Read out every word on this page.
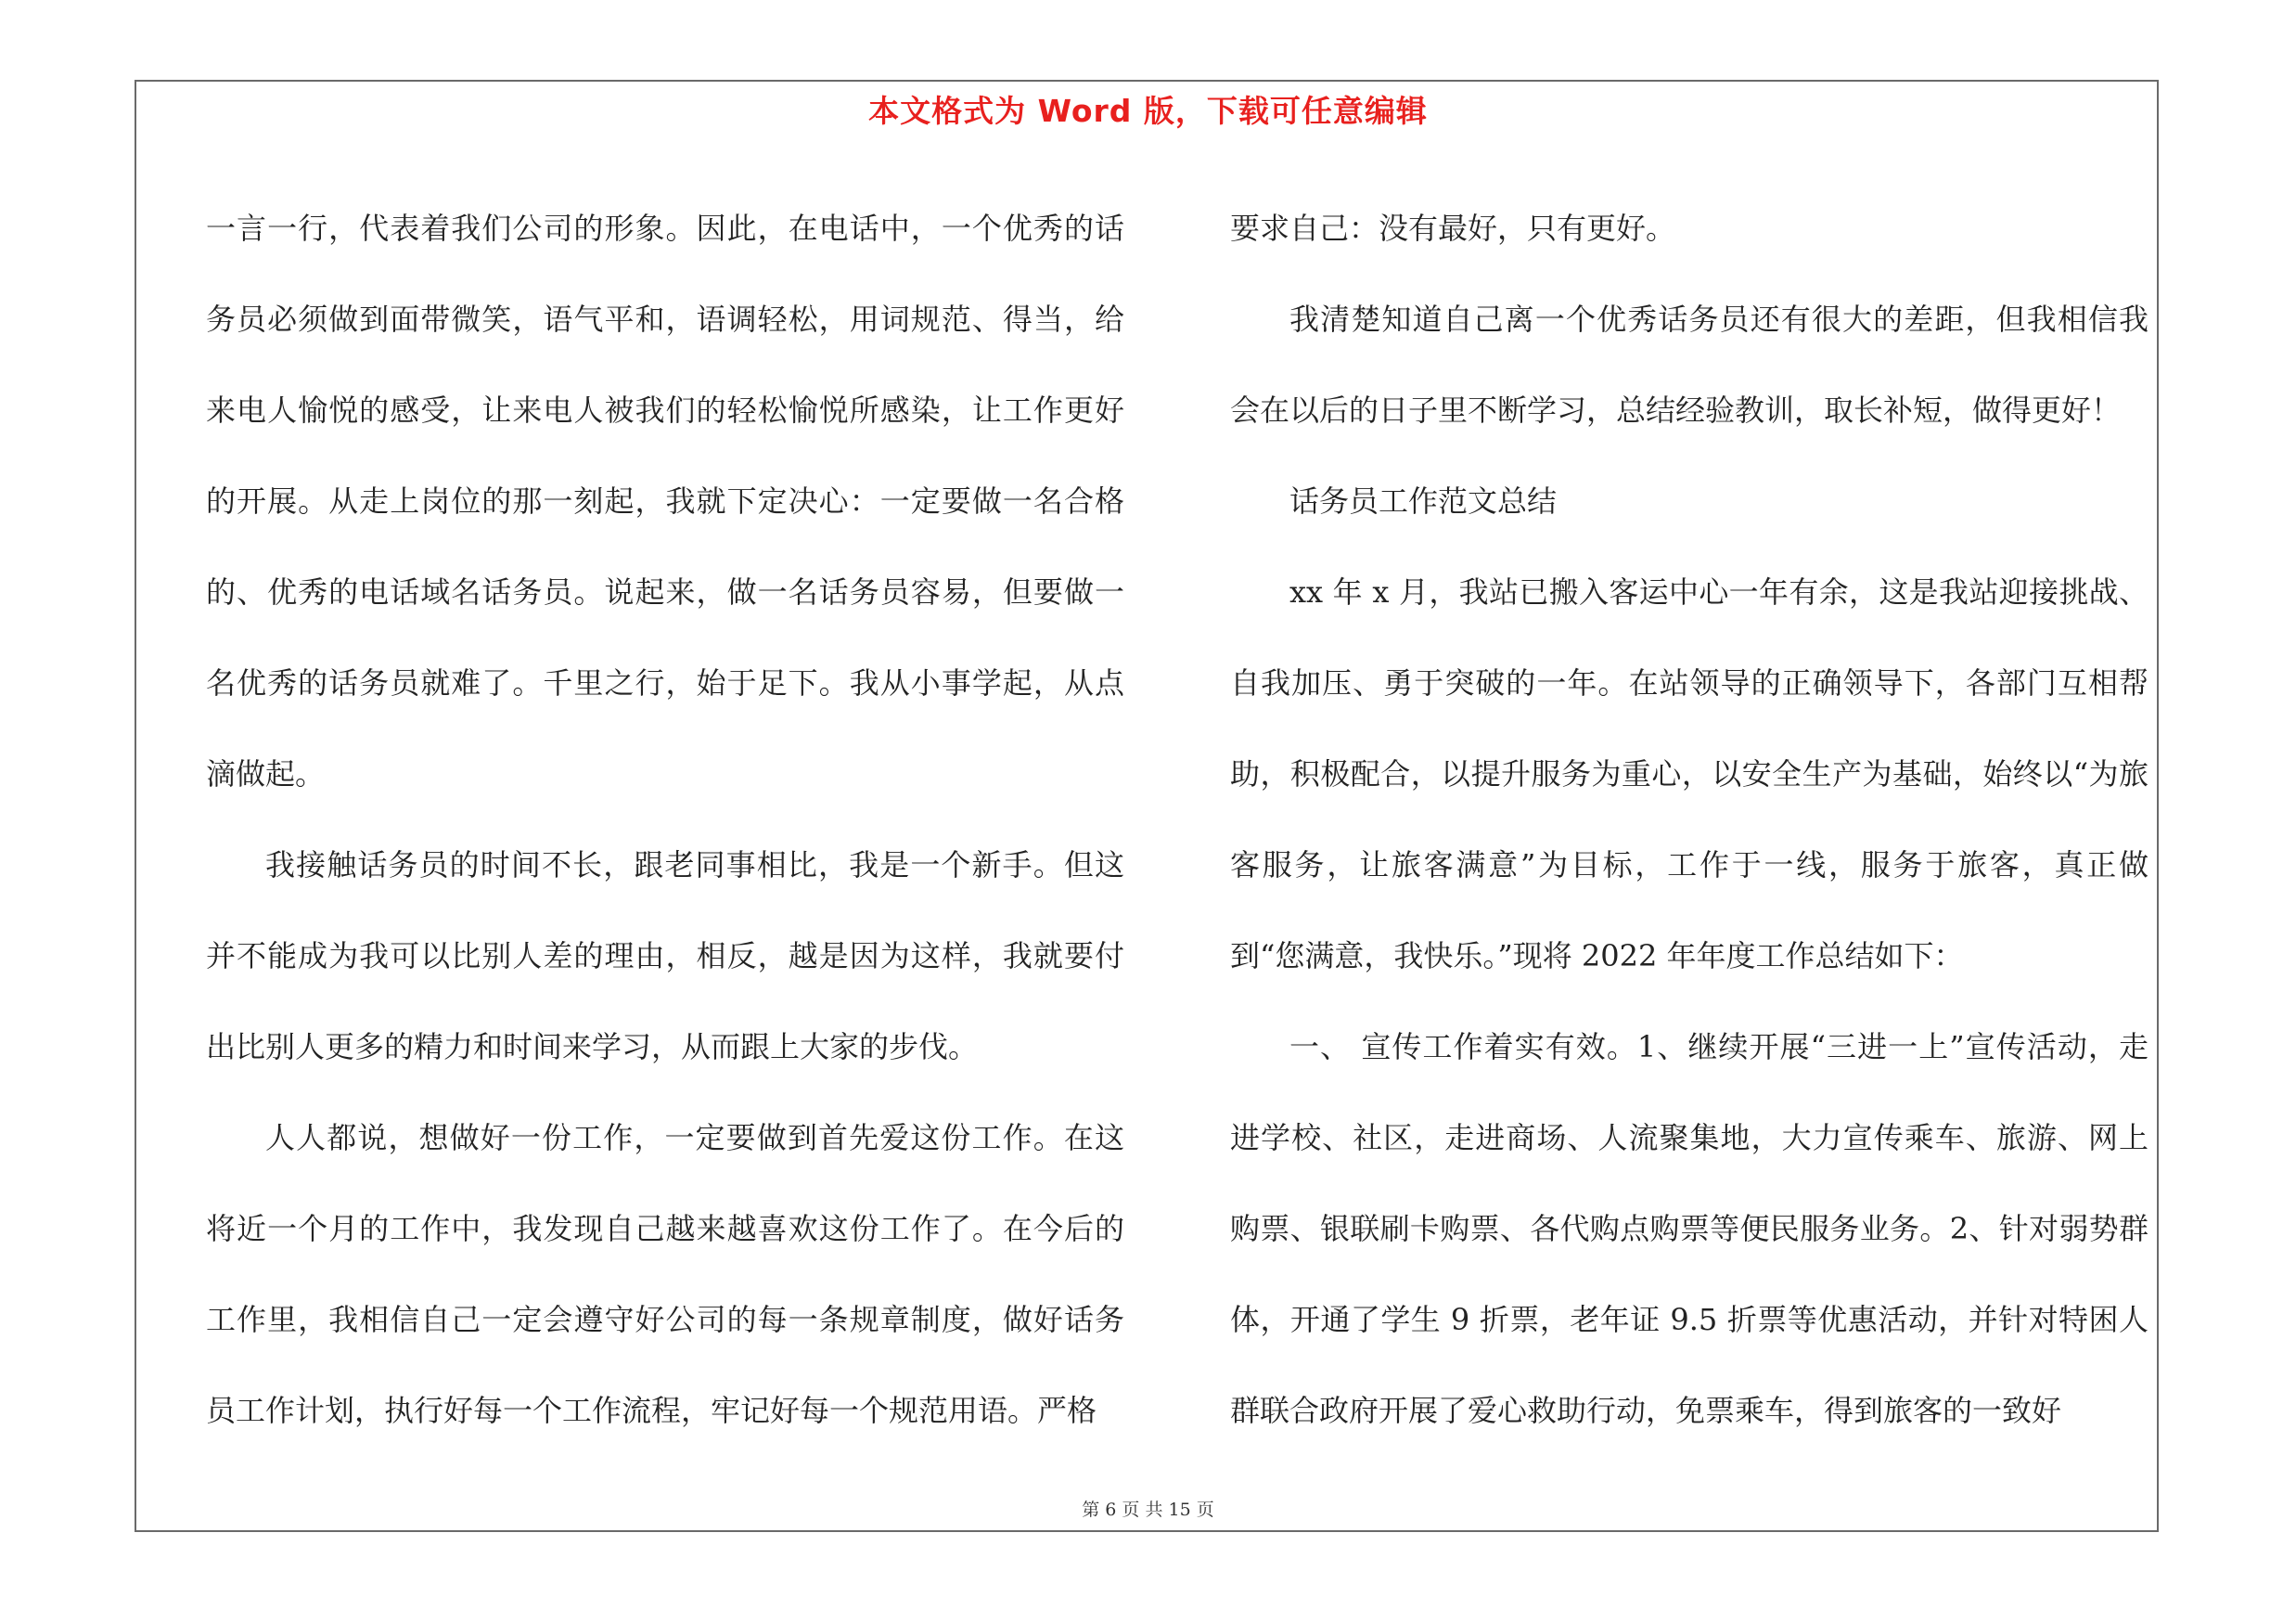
本文格式为 Word 版，下载可任意编辑

一言一行，代表着我们公司的形象。因此，在电话中，一个优秀的话务员必须做到面带微笑，语气平和，语调轻松，用词规范、得当，给来电人愉悦的感受，让来电人被我们的轻松愉悦所感染，让工作更好的开展。从走上岗位的那一刻起，我就下定决心：一定要做一名合格的、优秀的电话域名话务员。说起来，做一名话务员容易，但要做一名优秀的话务员就难了。千里之行，始于足下。我从小事学起，从点滴做起。

我接触话务员的时间不长，跟老同事相比，我是一个新手。但这并不能成为我可以比别人差的理由，相反，越是因为这样，我就要付出比别人更多的精力和时间来学习，从而跟上大家的步伐。

人人都说，想做好一份工作，一定要做到首先爱这份工作。在这将近一个月的工作中，我发现自己越来越喜欢这份工作了。在今后的工作里，我相信自己一定会遵守好公司的每一条规章制度，做好话务员工作计划，执行好每一个工作流程，牢记好每一个规范用语。严格

要求自己：没有最好，只有更好。

我清楚知道自己离一个优秀话务员还有很大的差距，但我相信我会在以后的日子里不断学习，总结经验教训，取长补短，做得更好！

话务员工作范文总结

xx 年 x 月，我站已搬入客运中心一年有余，这是我站迎接挑战、自我加压、勇于突破的一年。在站领导的正确领导下，各部门互相帮助，积极配合，以提升服务为重心，以安全生产为基础，始终以“为旅客服务，让旅客满意”为目标，工作于一线，服务于旅客，真正做到“您满意，我快乐。”现将 2022 年年度工作总结如下：

一、 宣传工作着实有效。1、继续开展“三进一上”宣传活动，走进学校、社区，走进商场、人流聚集地，大力宣传乘车、旅游、网上购票、银联刷卡购票、各代购点购票等便民服务业务。2、针对弱势群体，开通了学生 9 折票，老年证 9.5 折票等优惠活动，并针对特困人群联合政府开展了爱心救助行动，免票乘车，得到旅客的一致好

第 6 页 共 15 页
